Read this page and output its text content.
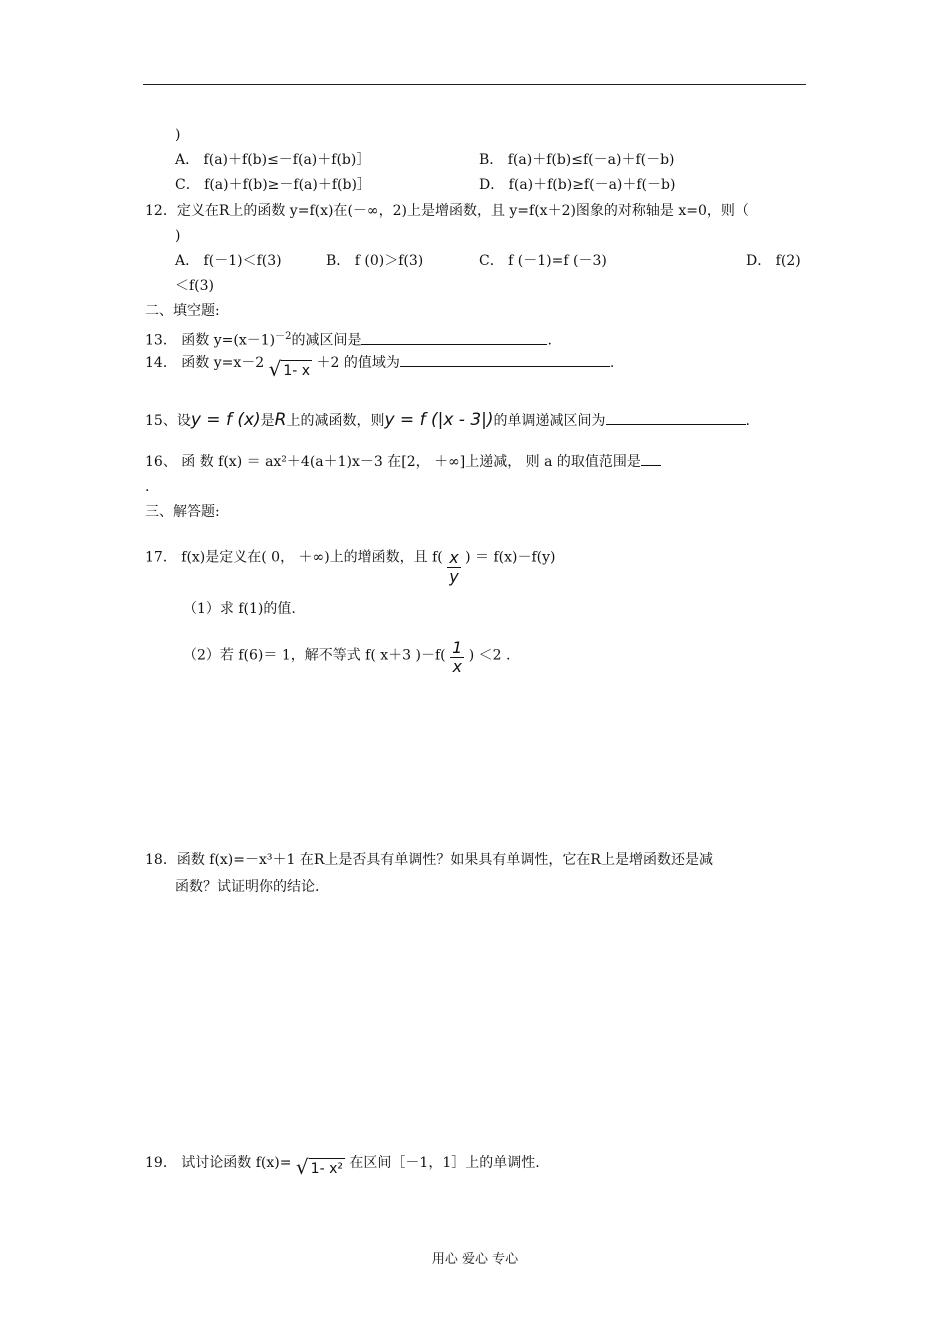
)
A． f(a)＋f(b)≤－f(a)＋f(b)］	B． f(a)＋f(b)≤f(－a)＋f(－b)
C． f(a)＋f(b)≥－f(a)＋f(b)］	D． f(a)＋f(b)≥f(－a)＋f(－b)
12．定义在R上的函数 y=f(x)在(－∞，2)上是增函数，且 y=f(x＋2)图象的对称轴是 x=0，则（
)
A． f(－1)＜f(3)	B． f (0)＞f(3)	C． f (－1)=f (－3)	D． f(2)
＜f(3)
二、填空题:
13． 函数 $y=(x-1)^{-2}$的减区间是	.
14． 函数 y=x－2 √ 1- x ＋2 的值域为	.
15、设y = f (x)是R上的减函数，则y = f (|x - 3|)的单调递减区间为	.
16、 函 数 f(x) ＝ ax²＋4(a＋1)x－3 在[2， ＋∞]上递减， 则 a 的取值范围是
.
三、解答题:
17． f(x)是定义在( 0， ＋∞)上的增函数，且 $f( \frac{x}{y}$ ) ＝ f(x)－f(y)
（1）求 f(1)的值.
（2）若 f(6)＝ 1，解不等式 f( x＋3 )$-f( \frac{1}{x}$ ) ＜2 .
18．函数 f(x)=－x³＋1 在R上是否具有单调性？如果具有单调性，它在R上是增函数还是减
函数？试证明你的结论.
19． 试讨论函数 f(x)= √ 1- x² 在区间［－1，1］上的单调性.
用心 爱心 专心
